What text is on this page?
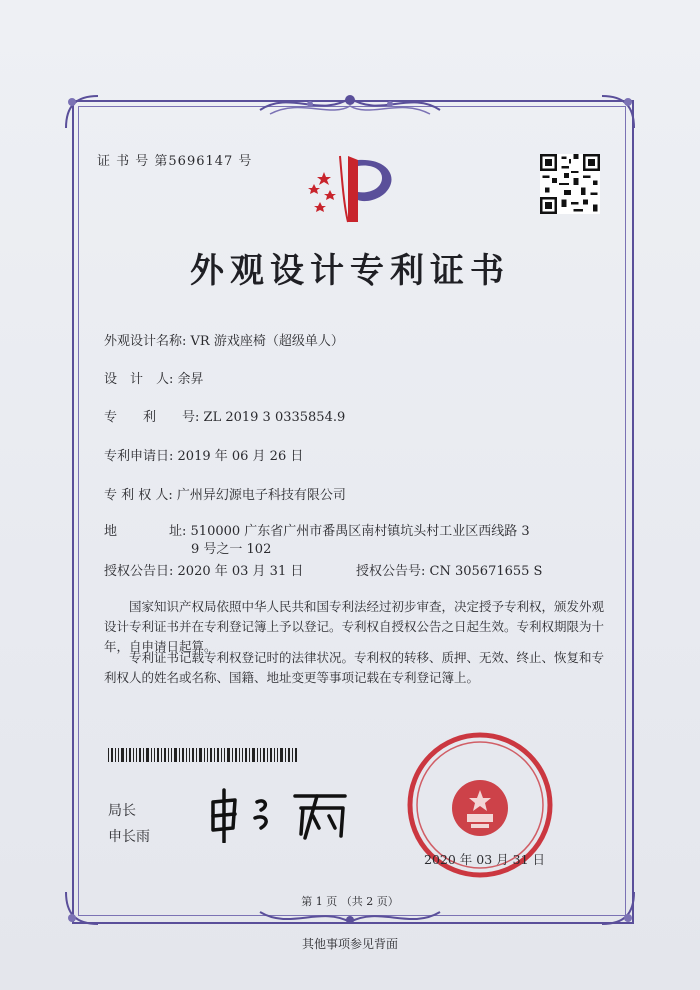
证 书 号 第5696147 号
外观设计专利证书
外观设计名称: VR 游戏座椅（超级单人）
设　计　人: 余昇
专　　利　　号: ZL 2019 3 0335854.9
专利申请日: 2019 年 06 月 26 日
专 利 权 人: 广州异幻源电子科技有限公司
地　　　　址: 510000 广东省广州市番禺区南村镇坑头村工业区西线路 3
9 号之一 102
授权公告日: 2020 年 03 月 31 日	授权公告号: CN 305671655 S
国家知识产权局依照中华人民共和国专利法经过初步审查，决定授予专利权，颁发外观设计专利证书并在专利登记簿上予以登记。专利权自授权公告之日起生效。专利权期限为十年，自申请日起算。
专利证书记载专利权登记时的法律状况。专利权的转移、质押、无效、终止、恢复和专利权人的姓名或名称、国籍、地址变更等事项记载在专利登记簿上。
局长
申长雨
2020 年 03 月 31 日
第 1 页 （共 2 页）
其他事项参见背面
